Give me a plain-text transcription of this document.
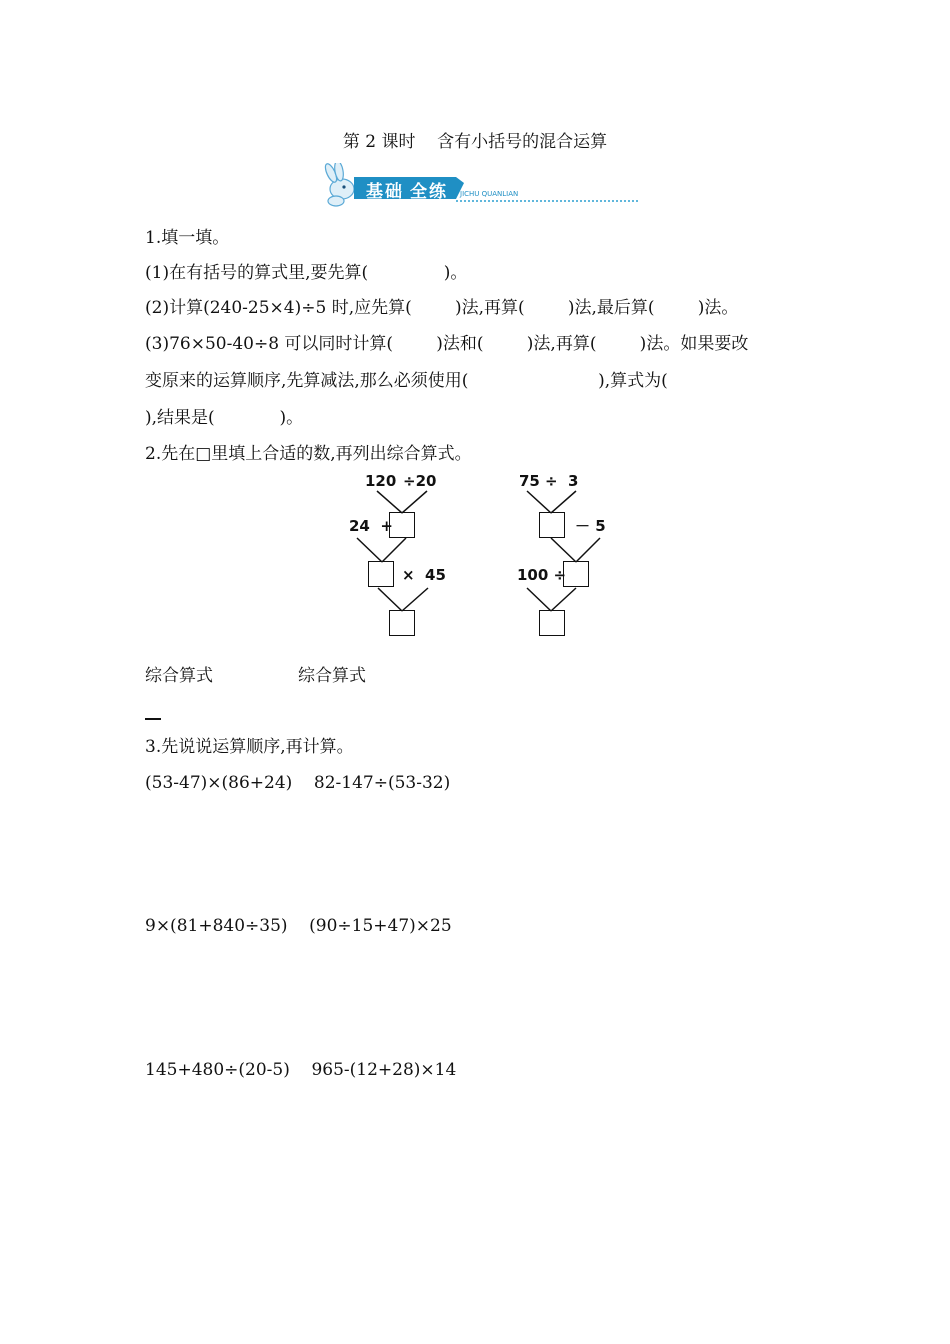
第 2 课时    含有小括号的混合运算
基础 全练 JICHU QUANLIAN
1.填一填。
(1)在有括号的算式里,要先算(              )。
(2)计算(240-25×4)÷5 时,应先算(        )法,再算(        )法,最后算(        )法。
(3)76×50-40÷8 可以同时计算(        )法和(        )法,再算(        )法。如果要改
变原来的运算顺序,先算减法,那么必须使用(                        ),算式为(
),结果是(            )。
2.先在□里填上合适的数,再列出综合算式。
120 ÷20
24  +
×  45
75 ÷  3
－ 5
100 ÷
综合算式	综合算式
3.先说说运算顺序,再计算。
(53-47)×(86+24)    82-147÷(53-32)
9×(81+840÷35)    (90÷15+47)×25
145+480÷(20-5)    965-(12+28)×14
